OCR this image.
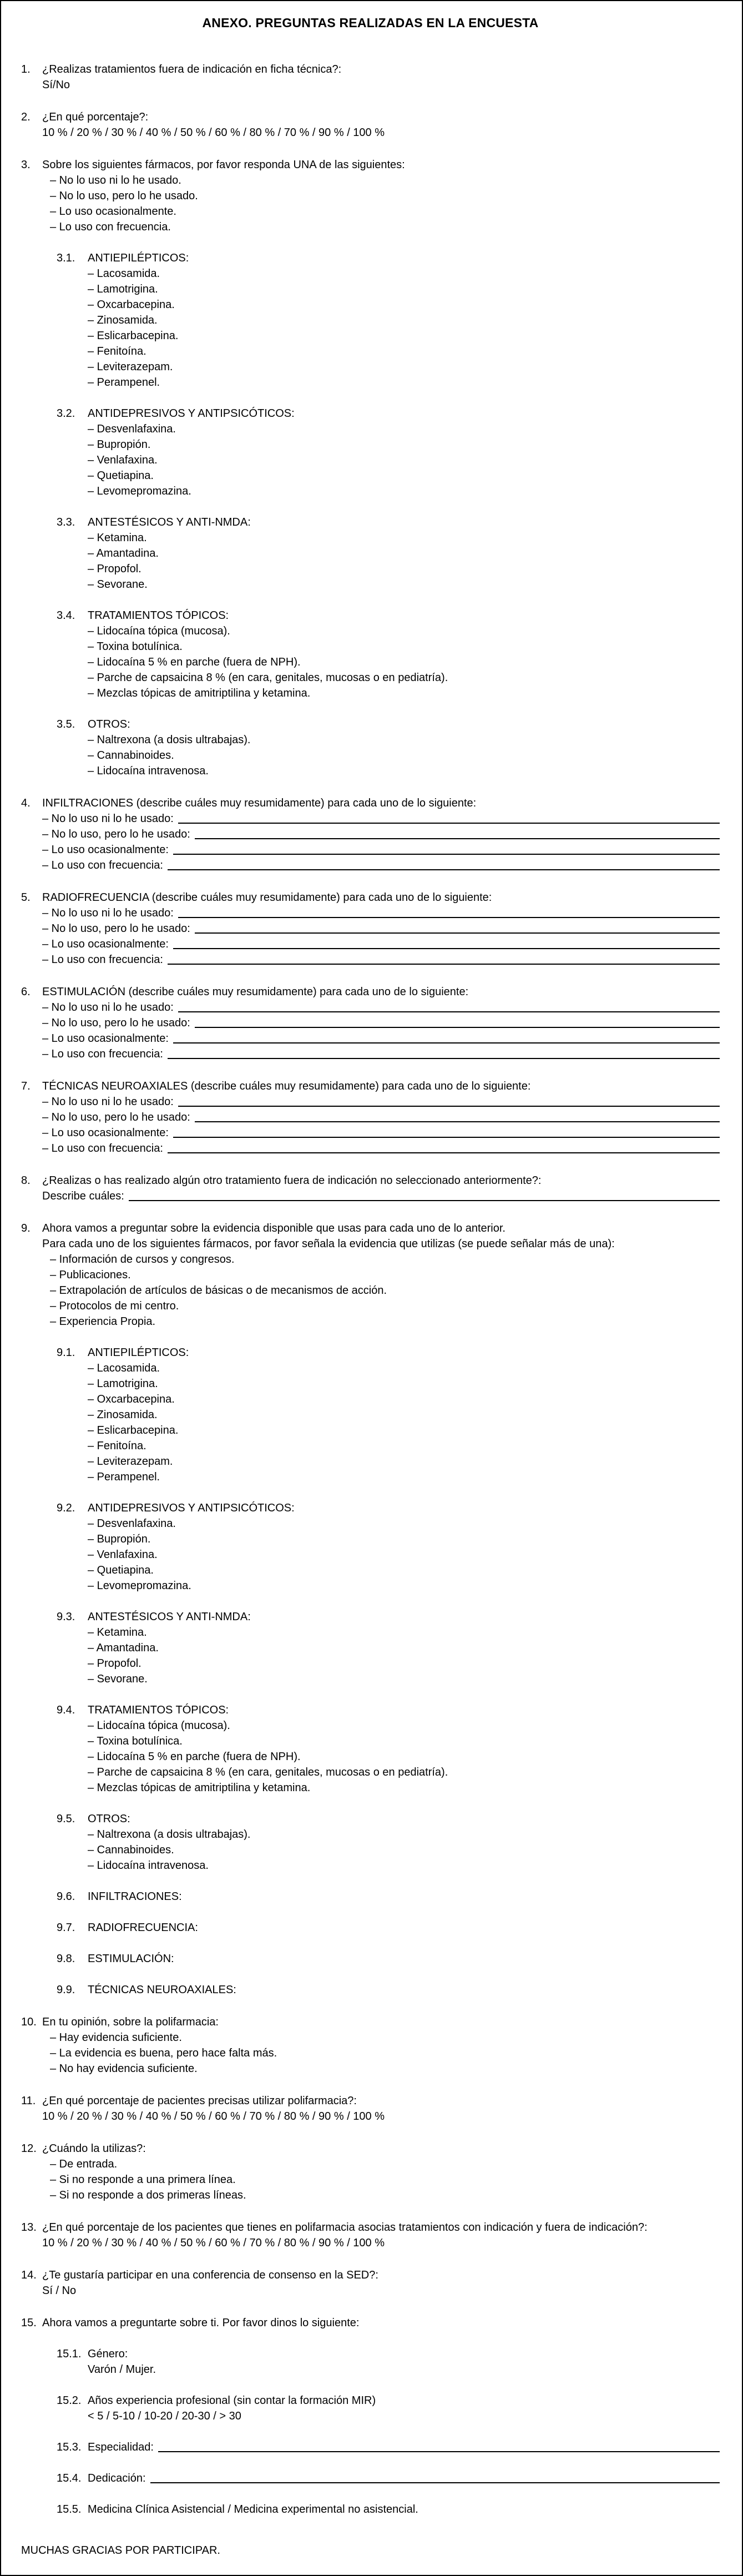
ANEXO. PREGUNTAS REALIZADAS EN LA ENCUESTA
1.	¿Realizas tratamientos fuera de indicación en ficha técnica?:
Sí/No
2.	¿En qué porcentaje?:
10 % / 20 % / 30 % / 40 % / 50 % / 60 % / 80 % / 70 % / 90 % / 100 %
3.	Sobre los siguientes fármacos, por favor responda UNA de las siguientes:
– No lo uso ni lo he usado.
– No lo uso, pero lo he usado.
– Lo uso ocasionalmente.
– Lo uso con frecuencia.
3.1.	ANTIEPILÉPTICOS:
– Lacosamida.
– Lamotrigina.
– Oxcarbacepina.
– Zinosamida.
– Eslicarbacepina.
– Fenitoína.
– Leviterazepam.
– Perampenel.
3.2.	ANTIDEPRESIVOS Y ANTIPSICÓTICOS:
– Desvenlafaxina.
– Bupropión.
– Venlafaxina.
– Quetiapina.
– Levomepromazina.
3.3.	ANTESTÉSICOS Y ANTI-NMDA:
– Ketamina.
– Amantadina.
– Propofol.
– Sevorane.
3.4.	TRATAMIENTOS TÓPICOS:
– Lidocaína tópica (mucosa).
– Toxina botulínica.
– Lidocaína 5 % en parche (fuera de NPH).
– Parche de capsaicina 8 % (en cara, genitales, mucosas o en pediatría).
– Mezclas tópicas de amitriptilina y ketamina.
3.5.	OTROS:
– Naltrexona (a dosis ultrabajas).
– Cannabinoides.
– Lidocaína intravenosa.
4.	INFILTRACIONES (describe cuáles muy resumidamente) para cada uno de lo siguiente:
– No lo uso ni lo he usado:
– No lo uso, pero lo he usado:
– Lo uso ocasionalmente:
– Lo uso con frecuencia:
5.	RADIOFRECUENCIA (describe cuáles muy resumidamente) para cada uno de lo siguiente:
– No lo uso ni lo he usado:
– No lo uso, pero lo he usado:
– Lo uso ocasionalmente:
– Lo uso con frecuencia:
6.	ESTIMULACIÓN (describe cuáles muy resumidamente) para cada uno de lo siguiente:
– No lo uso ni lo he usado:
– No lo uso, pero lo he usado:
– Lo uso ocasionalmente:
– Lo uso con frecuencia:
7.	TÉCNICAS NEUROAXIALES (describe cuáles muy resumidamente) para cada uno de lo siguiente:
– No lo uso ni lo he usado:
– No lo uso, pero lo he usado:
– Lo uso ocasionalmente:
– Lo uso con frecuencia:
8.	¿Realizas o has realizado algún otro tratamiento fuera de indicación no seleccionado anteriormente?:
Describe cuáles:
9.	Ahora vamos a preguntar sobre la evidencia disponible que usas para cada uno de lo anterior.
Para cada uno de los siguientes fármacos, por favor señala la evidencia que utilizas (se puede señalar más de una):
– Información de cursos y congresos.
– Publicaciones.
– Extrapolación de artículos de básicas o de mecanismos de acción.
– Protocolos de mi centro.
– Experiencia Propia.
9.1.	ANTIEPILÉPTICOS:
– Lacosamida.
– Lamotrigina.
– Oxcarbacepina.
– Zinosamida.
– Eslicarbacepina.
– Fenitoína.
– Leviterazepam.
– Perampenel.
9.2.	ANTIDEPRESIVOS Y ANTIPSICÓTICOS:
– Desvenlafaxina.
– Bupropión.
– Venlafaxina.
– Quetiapina.
– Levomepromazina.
9.3.	ANTESTÉSICOS Y ANTI-NMDA:
– Ketamina.
– Amantadina.
– Propofol.
– Sevorane.
9.4.	TRATAMIENTOS TÓPICOS:
– Lidocaína tópica (mucosa).
– Toxina botulínica.
– Lidocaína 5 % en parche (fuera de NPH).
– Parche de capsaicina 8 % (en cara, genitales, mucosas o en pediatría).
– Mezclas tópicas de amitriptilina y ketamina.
9.5.	OTROS:
– Naltrexona (a dosis ultrabajas).
– Cannabinoides.
– Lidocaína intravenosa.
9.6.	INFILTRACIONES:
9.7.	RADIOFRECUENCIA:
9.8.	ESTIMULACIÓN:
9.9.	TÉCNICAS NEUROAXIALES:
10. En tu opinión, sobre la polifarmacia:
– Hay evidencia suficiente.
– La evidencia es buena, pero hace falta más.
– No hay evidencia suficiente.
11. ¿En qué porcentaje de pacientes precisas utilizar polifarmacia?:
10 % / 20 % / 30 % / 40 % / 50 % / 60 % / 70 % / 80 % / 90 % / 100 %
12. ¿Cuándo la utilizas?:
– De entrada.
– Si no responde a una primera línea.
– Si no responde a dos primeras líneas.
13. ¿En qué porcentaje de los pacientes que tienes en polifarmacia asocias tratamientos con indicación y fuera de indicación?:
10 % / 20 % / 30 % / 40 % / 50 % / 60 % / 70 % / 80 % / 90 % / 100 %
14. ¿Te gustaría participar en una conferencia de consenso en la SED?:
Sí / No
15. Ahora vamos a preguntarte sobre ti. Por favor dinos lo siguiente:
15.1. Género:
Varón / Mujer.
15.2. Años experiencia profesional (sin contar la formación MIR)
< 5 / 5-10 / 10-20 / 20-30 / > 30
15.3. Especialidad:
15.4. Dedicación:
15.5. Medicina Clínica Asistencial / Medicina experimental no asistencial.
MUCHAS GRACIAS POR PARTICIPAR.
